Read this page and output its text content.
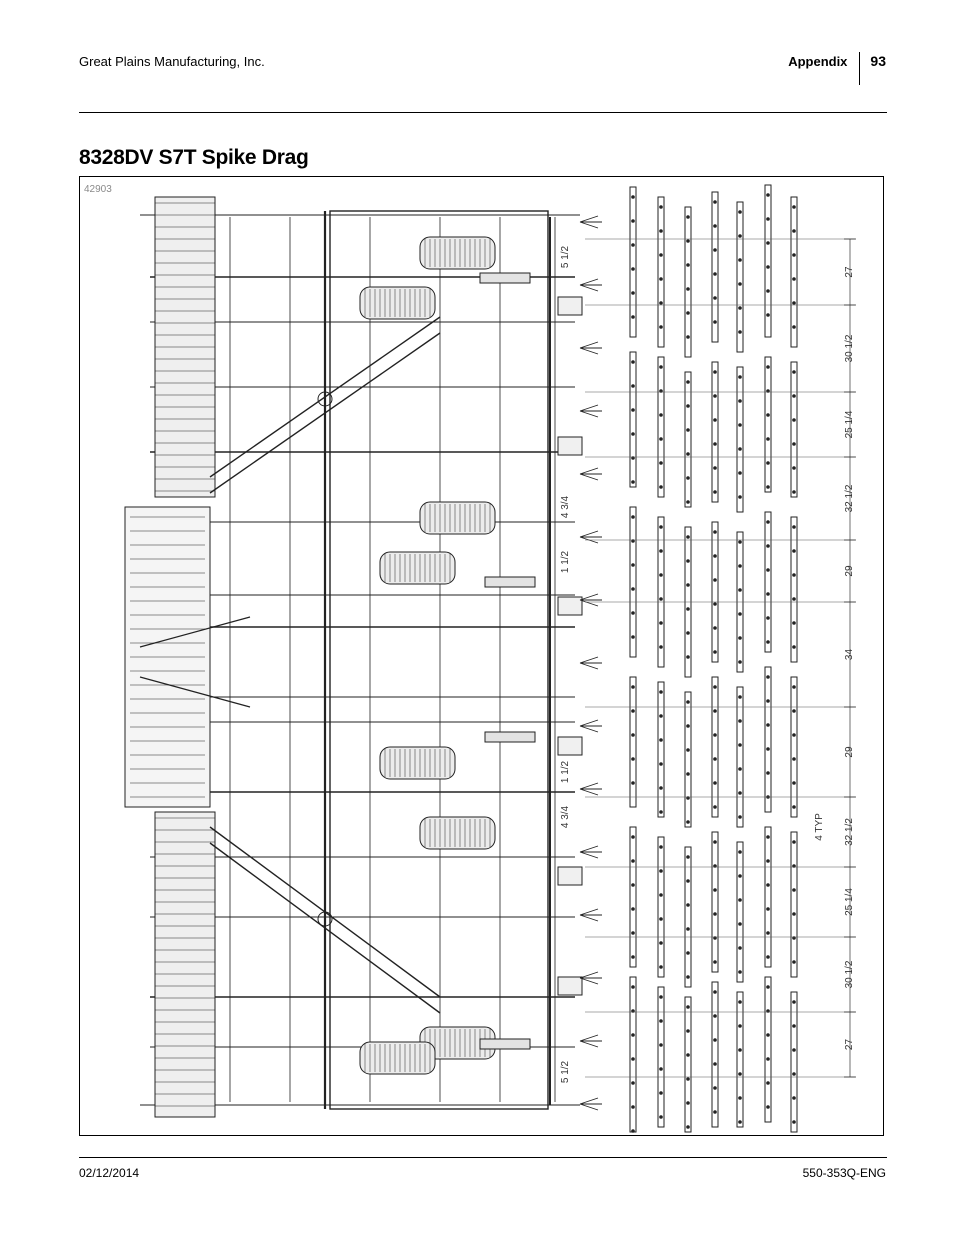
Great Plains Manufacturing, Inc.	Appendix 93
8328DV S7T Spike Drag
42903
27
30 1/2
25 1/4
32 1/2
29
34
29
32 1/2
25 1/4
30 1/2
27
5 1/2
4 3/4
1 1/2
1 1/2
4 3/4
5 1/2
4 TYP
02/12/2014	550-353Q-ENG
